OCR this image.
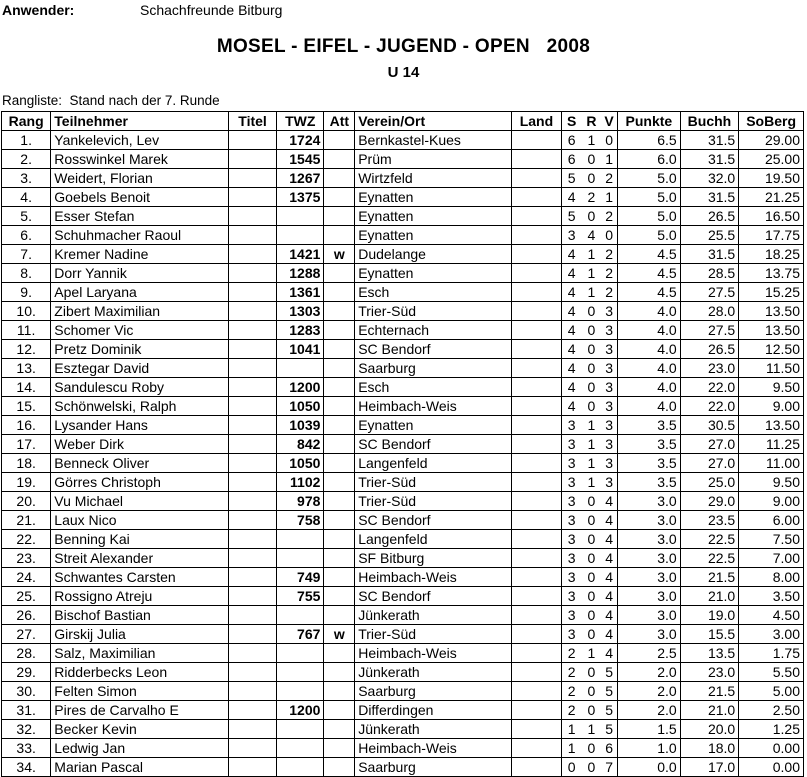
Anwender:	Schachfreunde Bitburg
MOSEL - EIFEL - JUGEND - OPEN   2008
U 14
Rangliste:  Stand nach der 7. Runde
Rang	Teilnehmer	Titel	TWZ	Att	Verein/Ort	Land	S	R	V	Punkte	Buchh	SoBerg
1.	Yankelevich, Lev		1724		Bernkastel-Kues		6	1	0	6.5	31.5	29.00
2.	Rosswinkel Marek		1545		Prüm		6	0	1	6.0	31.5	25.00
3.	Weidert, Florian		1267		Wirtzfeld		5	0	2	5.0	32.0	19.50
4.	Goebels Benoit		1375		Eynatten		4	2	1	5.0	31.5	21.25
5.	Esser Stefan				Eynatten		5	0	2	5.0	26.5	16.50
6.	Schuhmacher Raoul				Eynatten		3	4	0	5.0	25.5	17.75
7.	Kremer Nadine		1421	w	Dudelange		4	1	2	4.5	31.5	18.25
8.	Dorr Yannik		1288		Eynatten		4	1	2	4.5	28.5	13.75
9.	Apel Laryana		1361		Esch		4	1	2	4.5	27.5	15.25
10.	Zibert Maximilian		1303		Trier-Süd		4	0	3	4.0	28.0	13.50
11.	Schomer Vic		1283		Echternach		4	0	3	4.0	27.5	13.50
12.	Pretz Dominik		1041		SC Bendorf		4	0	3	4.0	26.5	12.50
13.	Esztegar David				Saarburg		4	0	3	4.0	23.0	11.50
14.	Sandulescu Roby		1200		Esch		4	0	3	4.0	22.0	9.50
15.	Schönwelski, Ralph		1050		Heimbach-Weis		4	0	3	4.0	22.0	9.00
16.	Lysander Hans		1039		Eynatten		3	1	3	3.5	30.5	13.50
17.	Weber Dirk		842		SC Bendorf		3	1	3	3.5	27.0	11.25
18.	Benneck Oliver		1050		Langenfeld		3	1	3	3.5	27.0	11.00
19.	Görres Christoph		1102		Trier-Süd		3	1	3	3.5	25.0	9.50
20.	Vu Michael		978		Trier-Süd		3	0	4	3.0	29.0	9.00
21.	Laux Nico		758		SC Bendorf		3	0	4	3.0	23.5	6.00
22.	Benning Kai				Langenfeld		3	0	4	3.0	22.5	7.50
23.	Streit Alexander				SF Bitburg		3	0	4	3.0	22.5	7.00
24.	Schwantes Carsten		749		Heimbach-Weis		3	0	4	3.0	21.5	8.00
25.	Rossigno Atreju		755		SC Bendorf		3	0	4	3.0	21.0	3.50
26.	Bischof Bastian				Jünkerath		3	0	4	3.0	19.0	4.50
27.	Girskij Julia		767	w	Trier-Süd		3	0	4	3.0	15.5	3.00
28.	Salz, Maximilian				Heimbach-Weis		2	1	4	2.5	13.5	1.75
29.	Ridderbecks Leon				Jünkerath		2	0	5	2.0	23.0	5.50
30.	Felten Simon				Saarburg		2	0	5	2.0	21.5	5.00
31.	Pires de Carvalho E		1200		Differdingen		2	0	5	2.0	21.0	2.50
32.	Becker Kevin				Jünkerath		1	1	5	1.5	20.0	1.25
33.	Ledwig Jan				Heimbach-Weis		1	0	6	1.0	18.0	0.00
34.	Marian Pascal				Saarburg		0	0	7	0.0	17.0	0.00
